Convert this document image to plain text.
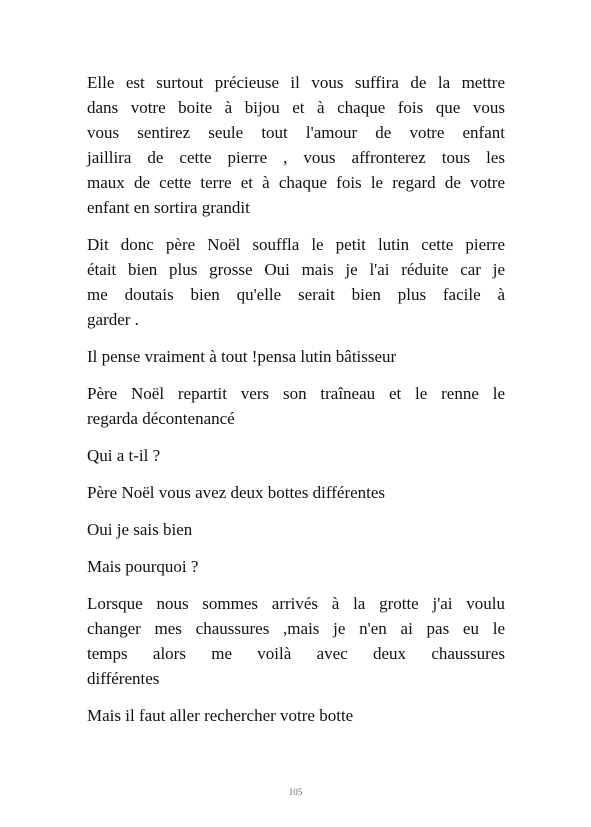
Elle est surtout précieuse il vous suffira de la mettre
dans votre boite à bijou et à chaque fois que vous
vous sentirez seule tout l'amour de votre enfant
jaillira de cette pierre , vous affronterez tous les
maux de cette terre et à chaque fois le regard de votre
enfant en sortira grandit

Dit donc père Noël souffla le petit lutin cette pierre
était bien plus grosse Oui mais je l'ai réduite car je
me doutais bien qu'elle serait bien plus facile à
garder .

Il pense vraiment à tout !pensa lutin bâtisseur

Père Noël repartit vers son traîneau et le renne le
regarda décontenancé

Qui a t-il ?

Père Noël vous avez deux bottes différentes

Oui je sais bien

Mais pourquoi ?

Lorsque nous sommes arrivés à la grotte j'ai voulu
changer mes chaussures ,mais je n'en ai pas eu le
temps alors me voilà avec deux chaussures
différentes

Mais il faut aller rechercher votre botte

105
